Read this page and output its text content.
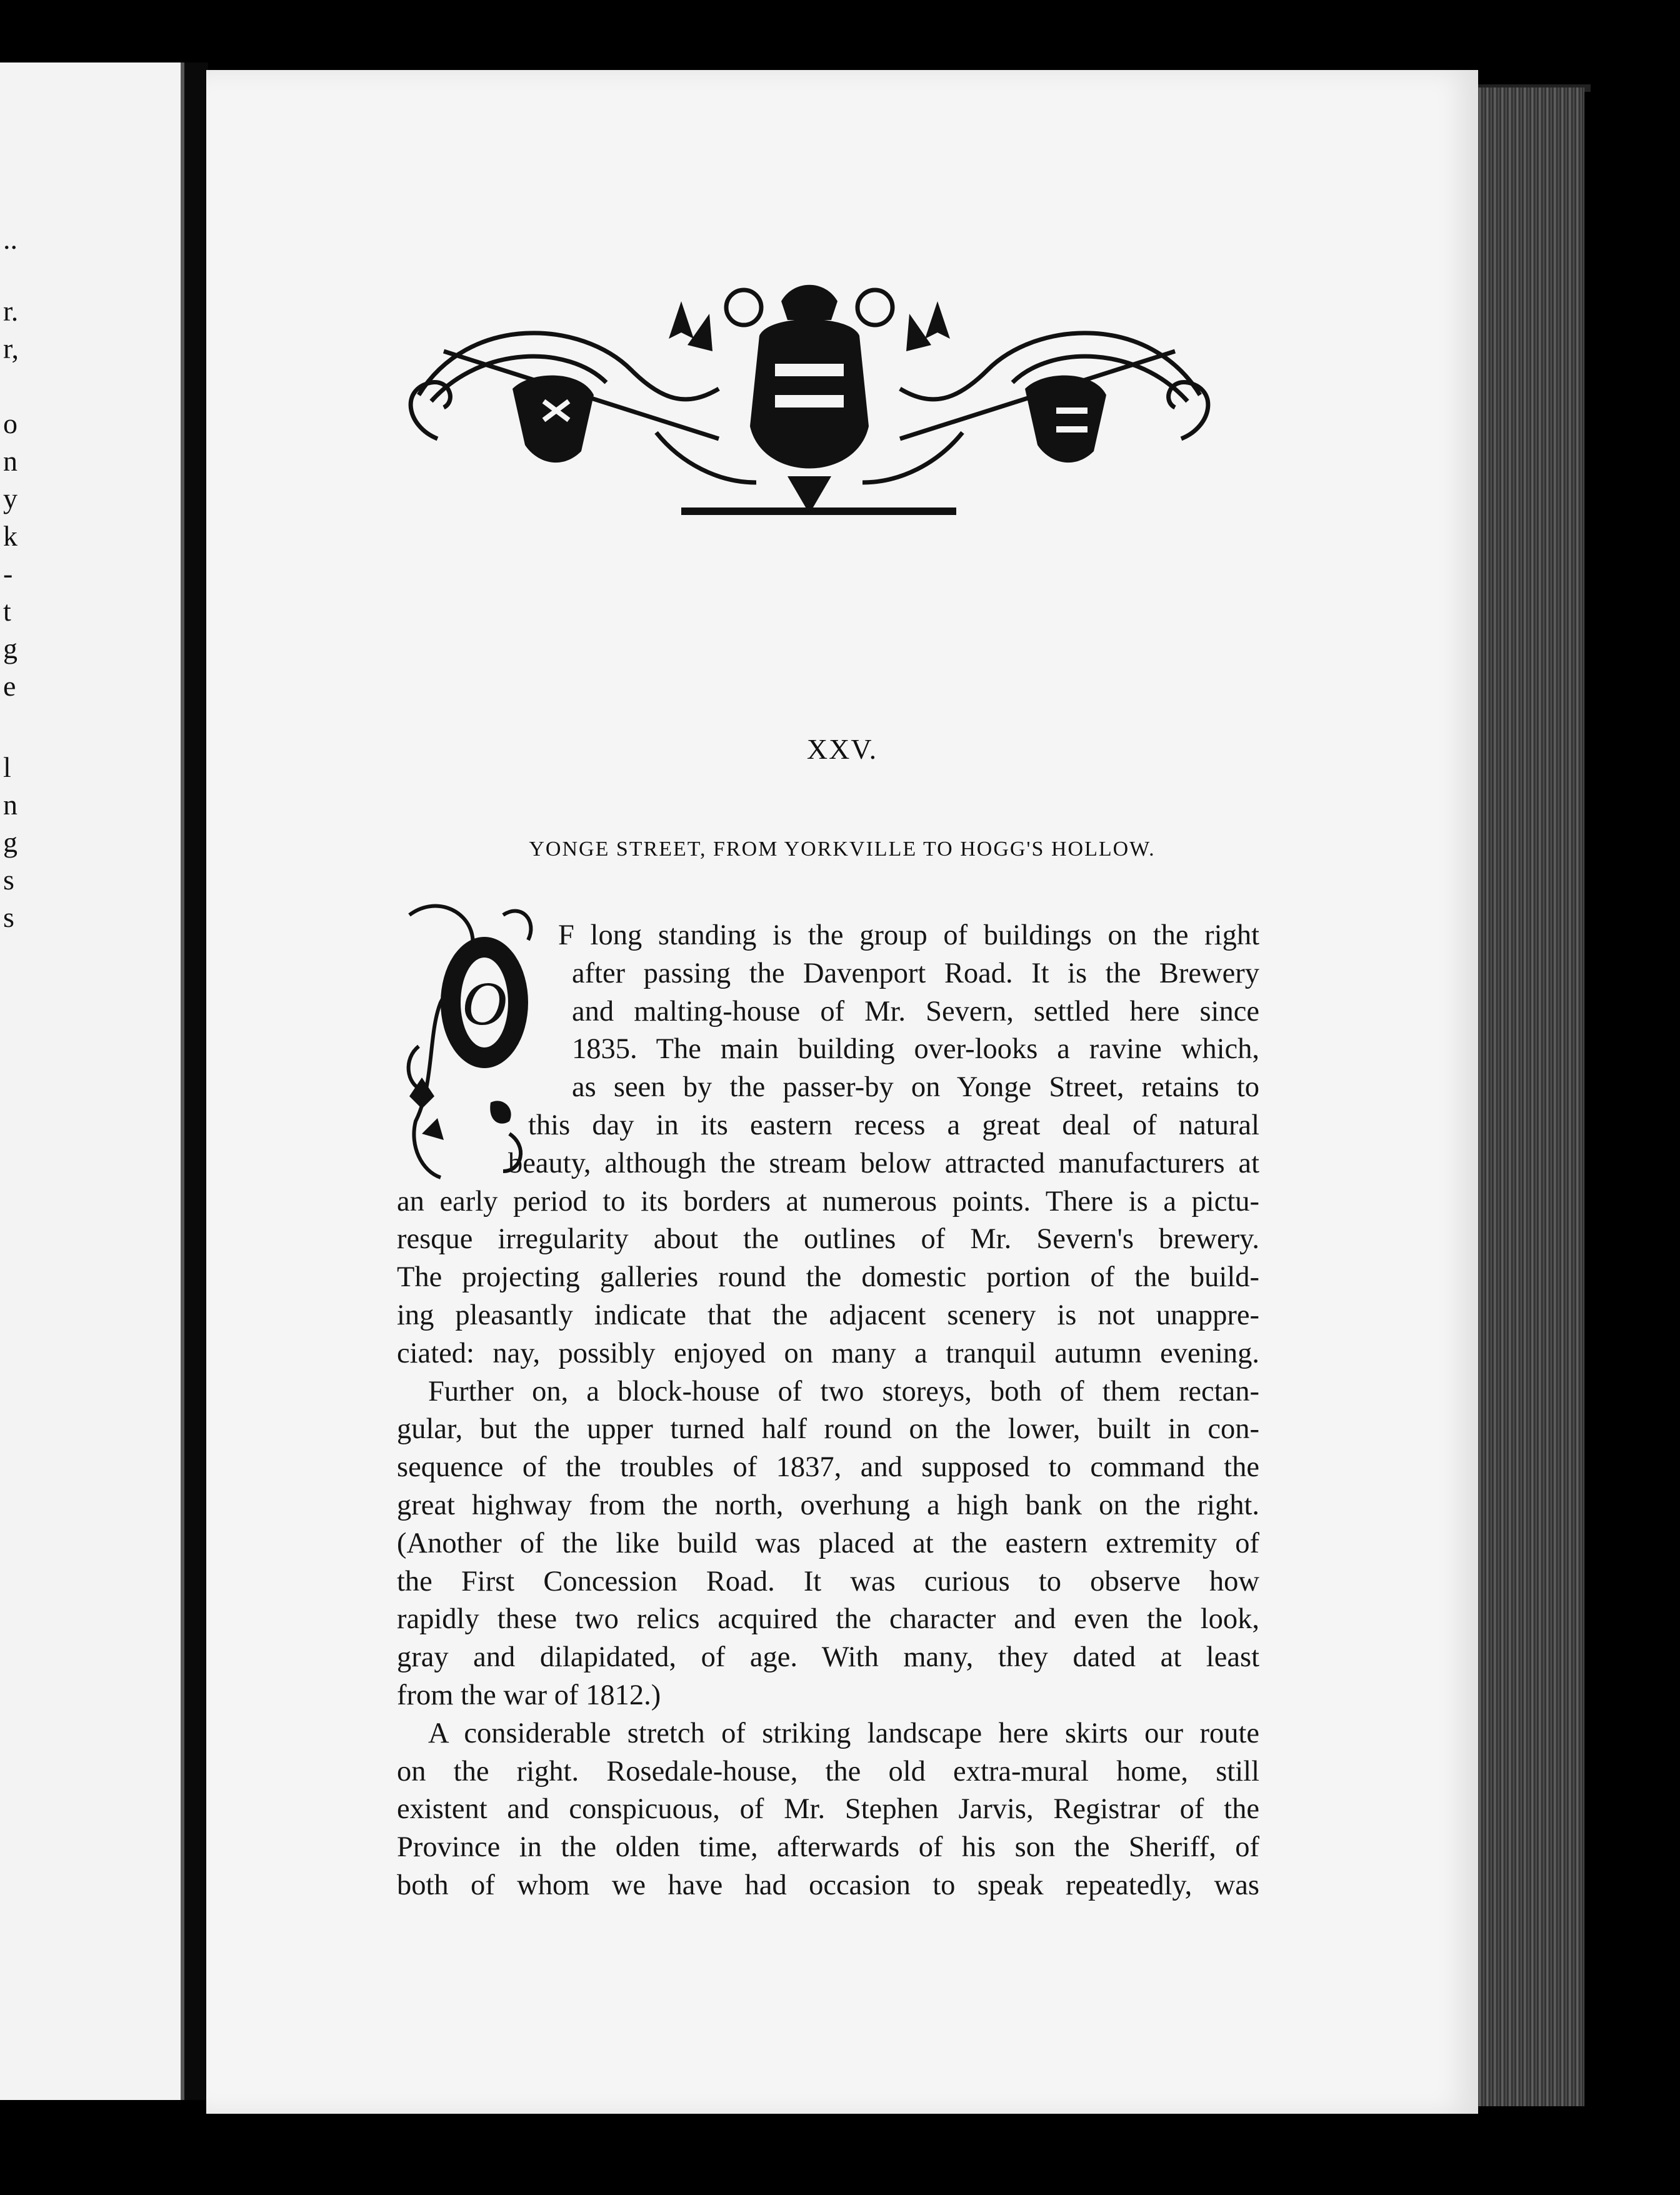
..
r.
r,
o
n
y
k
-
t
g
e
l
n
g
s
s
XXV.
YONGE STREET, FROM YORKVILLE TO HOGG'S HOLLOW.
O
F long standing is the group of buildings on the right
after passing the Davenport Road. It is the Brewery
and malting-house of Mr. Severn, settled here since
1835. The main building over-looks a ravine which,
as seen by the passer-by on Yonge Street, retains to
this day in its eastern recess a great deal of natural
beauty, although the stream below attracted manufacturers at
an early period to its borders at numerous points. There is a pictu-
resque irregularity about the outlines of Mr. Severn's brewery.
The projecting galleries round the domestic portion of the build-
ing pleasantly indicate that the adjacent scenery is not unappre-
ciated: nay, possibly enjoyed on many a tranquil autumn evening.
Further on, a block-house of two storeys, both of them rectan-
gular, but the upper turned half round on the lower, built in con-
sequence of the troubles of 1837, and supposed to command the
great highway from the north, overhung a high bank on the right.
(Another of the like build was placed at the eastern extremity of
the First Concession Road. It was curious to observe how
rapidly these two relics acquired the character and even the look,
gray and dilapidated, of age. With many, they dated at least
from the war of 1812.)
A considerable stretch of striking landscape here skirts our route
on the right. Rosedale-house, the old extra-mural home, still
existent and conspicuous, of Mr. Stephen Jarvis, Registrar of the
Province in the olden time, afterwards of his son the Sheriff, of
both of whom we have had occasion to speak repeatedly, was
